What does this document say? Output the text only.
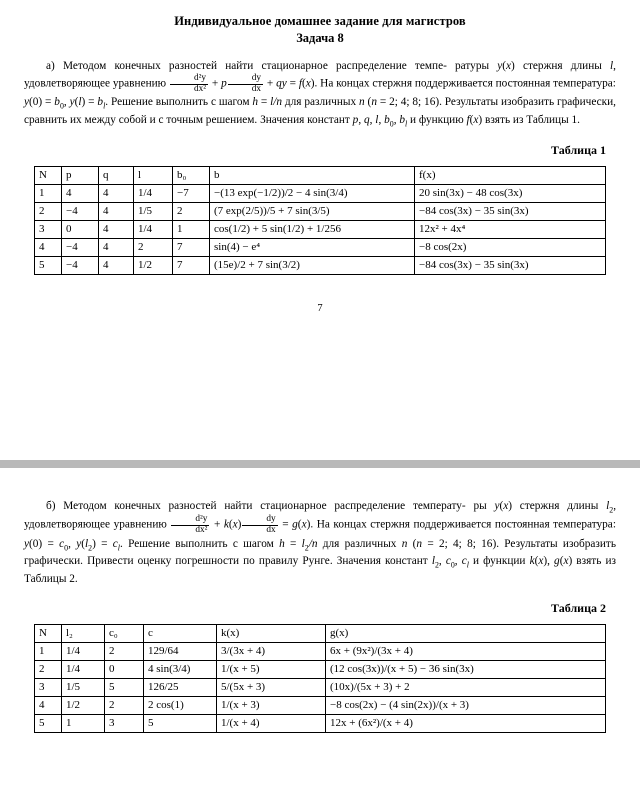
Индивидуальное домашнее задание для магистров
Задача 8
а) Методом конечных разностей найти стационарное распределение темпе- ратуры y(x) стержня длины l, удовлетворяющее уравнению $\frac{\text{d²y}}{\text{dx²}} + p \frac{dy}{dx}$ + qy = f(x). На концах стержня поддерживается постоянная температура: $y(0) = b_0$, $y(l) = b_l$. Решение выполнить с шагом h = l/n для различных n (n = 2; 4; 8; 16). Результаты изобразить графически, сравнить их между собой и с точным решением. Значения констант p, q, l, $b_0$, $b_l$ и функцию f(x) взять из Таблицы 1.
Таблица 1
N	p	q	l	b₀	b	f(x)
1	4	4	1/4	−7	−(13 exp(−1/2))/2 − 4 sin(3/4)	20 sin(3x) − 48 cos(3x)
2	−4	4	1/5	2	(7 exp(2/5))/5 + 7 sin(3/5)	−84 cos(3x) − 35 sin(3x)
3	0	4	1/4	1	cos(1/2) + 5 sin(1/2) + 1/256	12x² + 4x⁴
4	−4	4	2	7	sin(4) − e⁴	−8 cos(2x)
5	−4	4	1/2	7	(15e)/2 + 7 sin(3/2)	−84 cos(3x) − 35 sin(3x)
7
б) Методом конечных разностей найти стационарное распределение температу- ры y(x) стержня длины $l_2$, удовлетворяющее уравнению $\frac{\text{d²y}}{\text{dx²}} + k(x) \frac{dy}{dx} = g(x)$. На концах стержня поддерживается постоянная температура: $y(0) = c_0$, $y(l_2) = c_l$. Решение выполнить с шагом $h = l_2/n$ для различных n (n = 2; 4; 8; 16). Результаты изобразить графически. Привести оценку погрешности по правилу Рунге. Значения констант $l_2$, $c_0$, $c_l$ и функции k(x), g(x) взять из Таблицы 2.
Таблица 2
N	l₂	c₀	c	k(x)	g(x)
1	1/4	2	129/64	3/(3x + 4)	6x + (9x²)/(3x + 4)
2	1/4	0	4 sin(3/4)	1/(x + 5)	(12 cos(3x))/(x + 5) − 36 sin(3x)
3	1/5	5	126/25	5/(5x + 3)	(10x)/(5x + 3) + 2
4	1/2	2	2 cos(1)	1/(x + 3)	−8 cos(2x) − (4 sin(2x))/(x + 3)
5	1	3	5	1/(x + 4)	12x + (6x²)/(x + 4)
